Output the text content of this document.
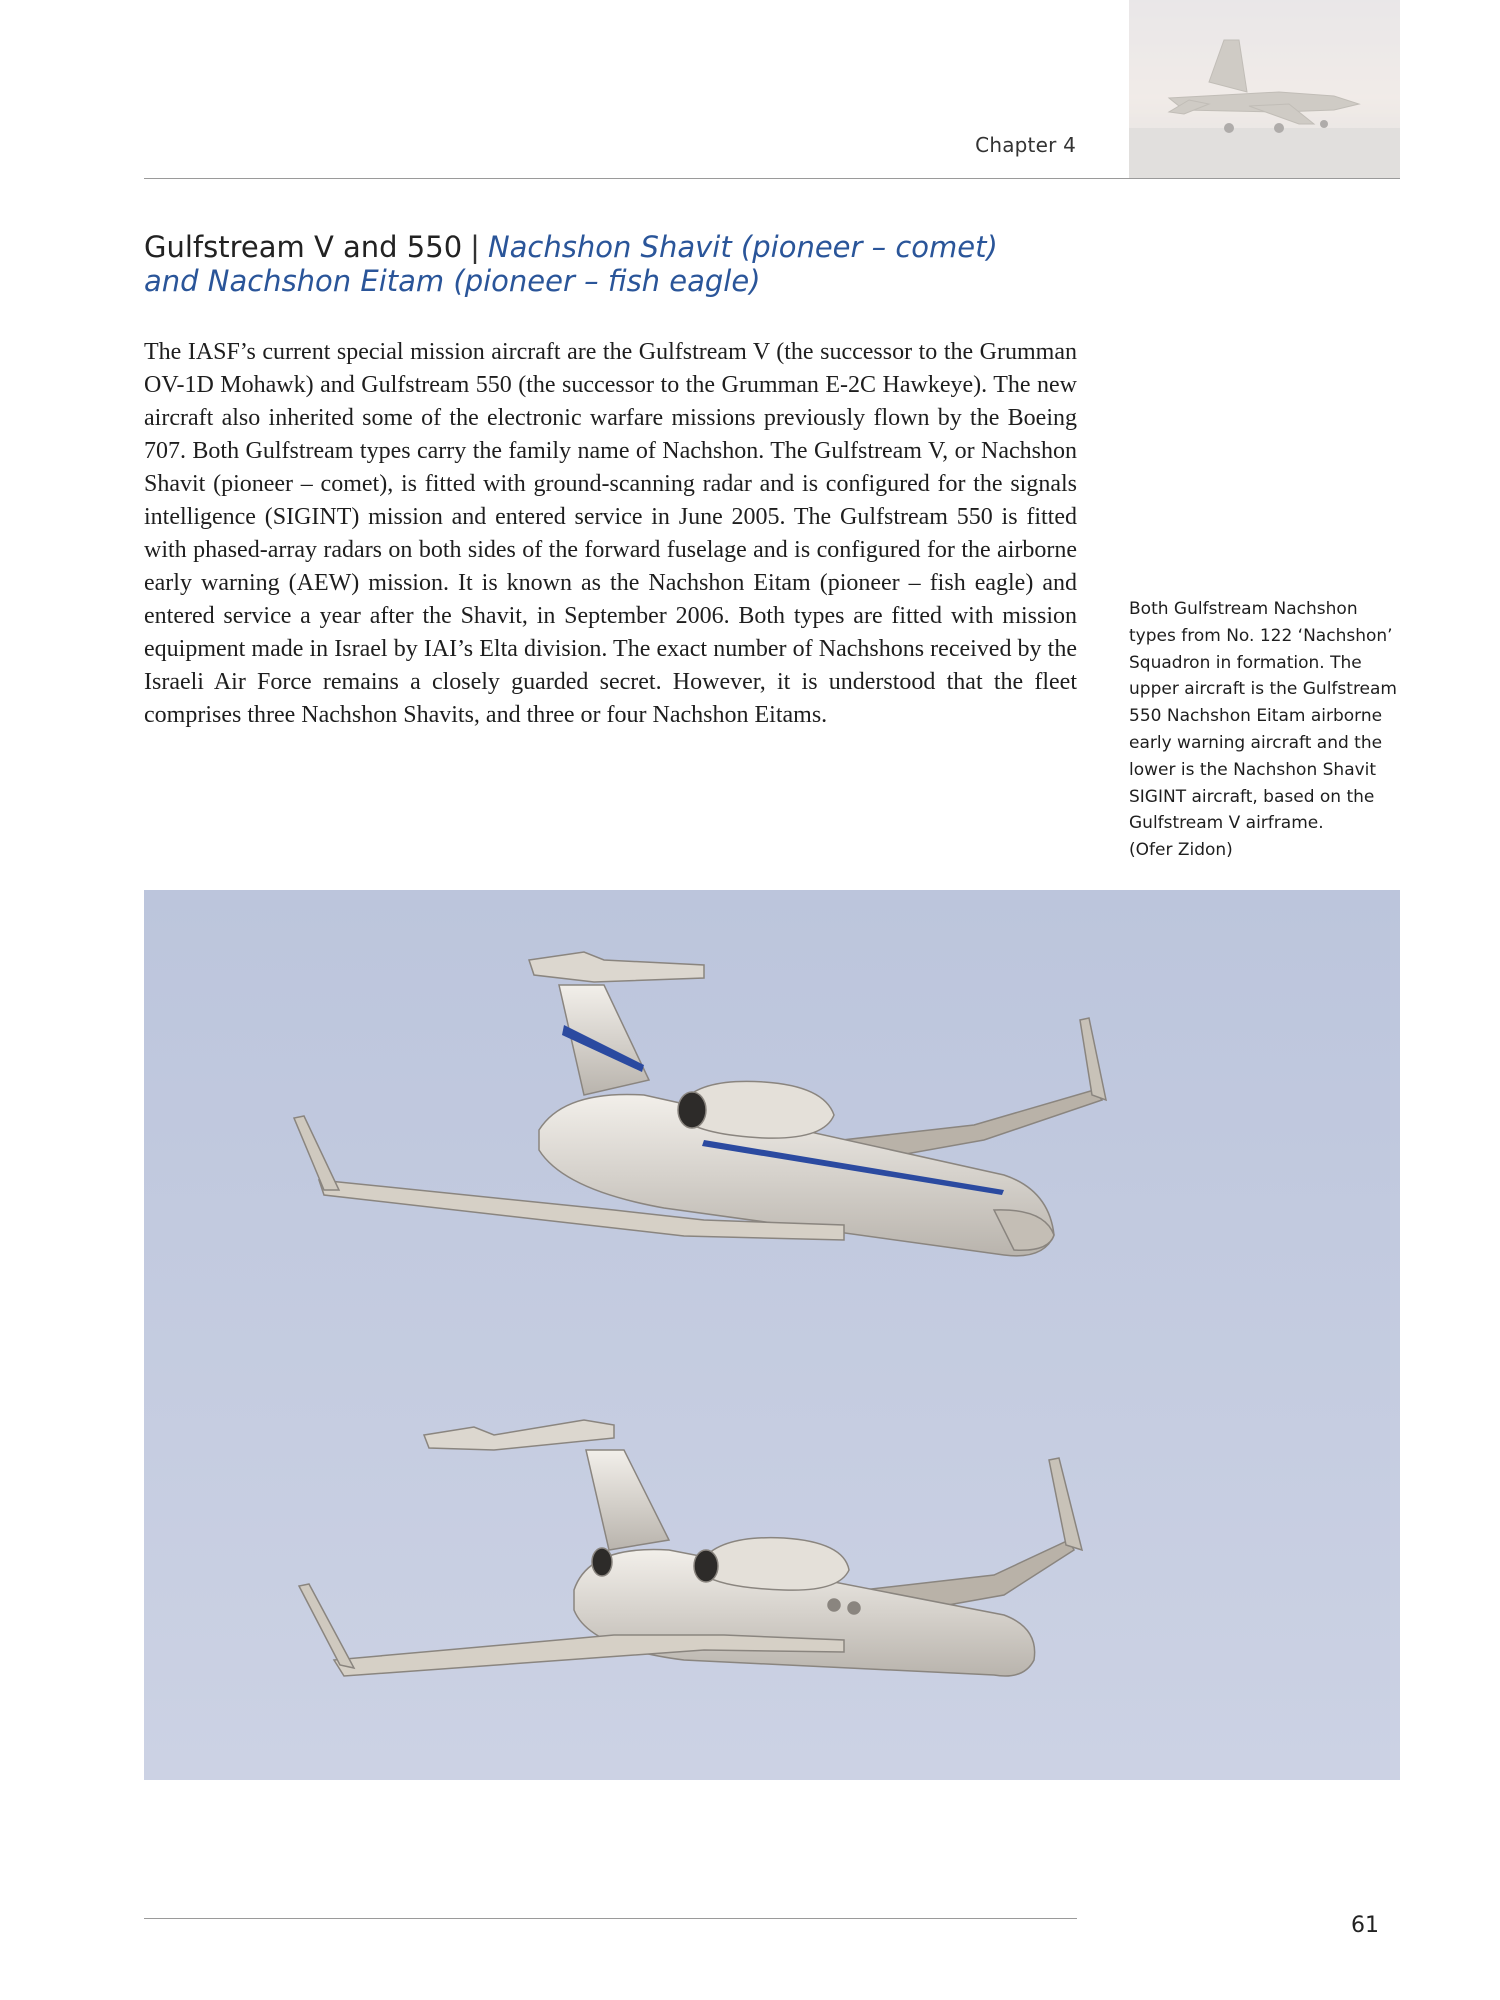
Chapter 4
Gulfstream V and 550 | Nachshon Shavit (pioneer – comet) and Nachshon Eitam (pioneer – fish eagle)
The IASF’s current special mission aircraft are the Gulfstream V (the successor to the Grumman OV-1D Mohawk) and Gulfstream 550 (the successor to the Grumman E-2C Hawkeye). The new aircraft also inherited some of the electronic warfare missions previously flown by the Boeing 707. Both Gulfstream types carry the family name of Nachshon. The Gulfstream V, or Nachshon Shavit (pioneer – comet), is fitted with ground-scanning radar and is configured for the signals intelligence (SIGINT) mission and entered service in June 2005. The Gulfstream 550 is fitted with phased-array radars on both sides of the forward fuselage and is configured for the airborne early warning (AEW) mission. It is known as the Nachshon Eitam (pioneer – fish eagle) and entered service a year after the Shavit, in September 2006. Both types are fitted with mission equipment made in Israel by IAI’s Elta division. The exact number of Nachshons received by the Israeli Air Force remains a closely guarded secret. However, it is understood that the fleet comprises three Nachshon Shavits, and three or four Nachshon Eitams.
Both Gulfstream Nachshon types from No. 122 ‘Nachshon’ Squadron in formation. The upper aircraft is the Gulfstream 550 Nachshon Eitam airborne early warning aircraft and the lower is the Nachshon Shavit SIGINT aircraft, based on the Gulfstream V airframe.
(Ofer Zidon)
61
